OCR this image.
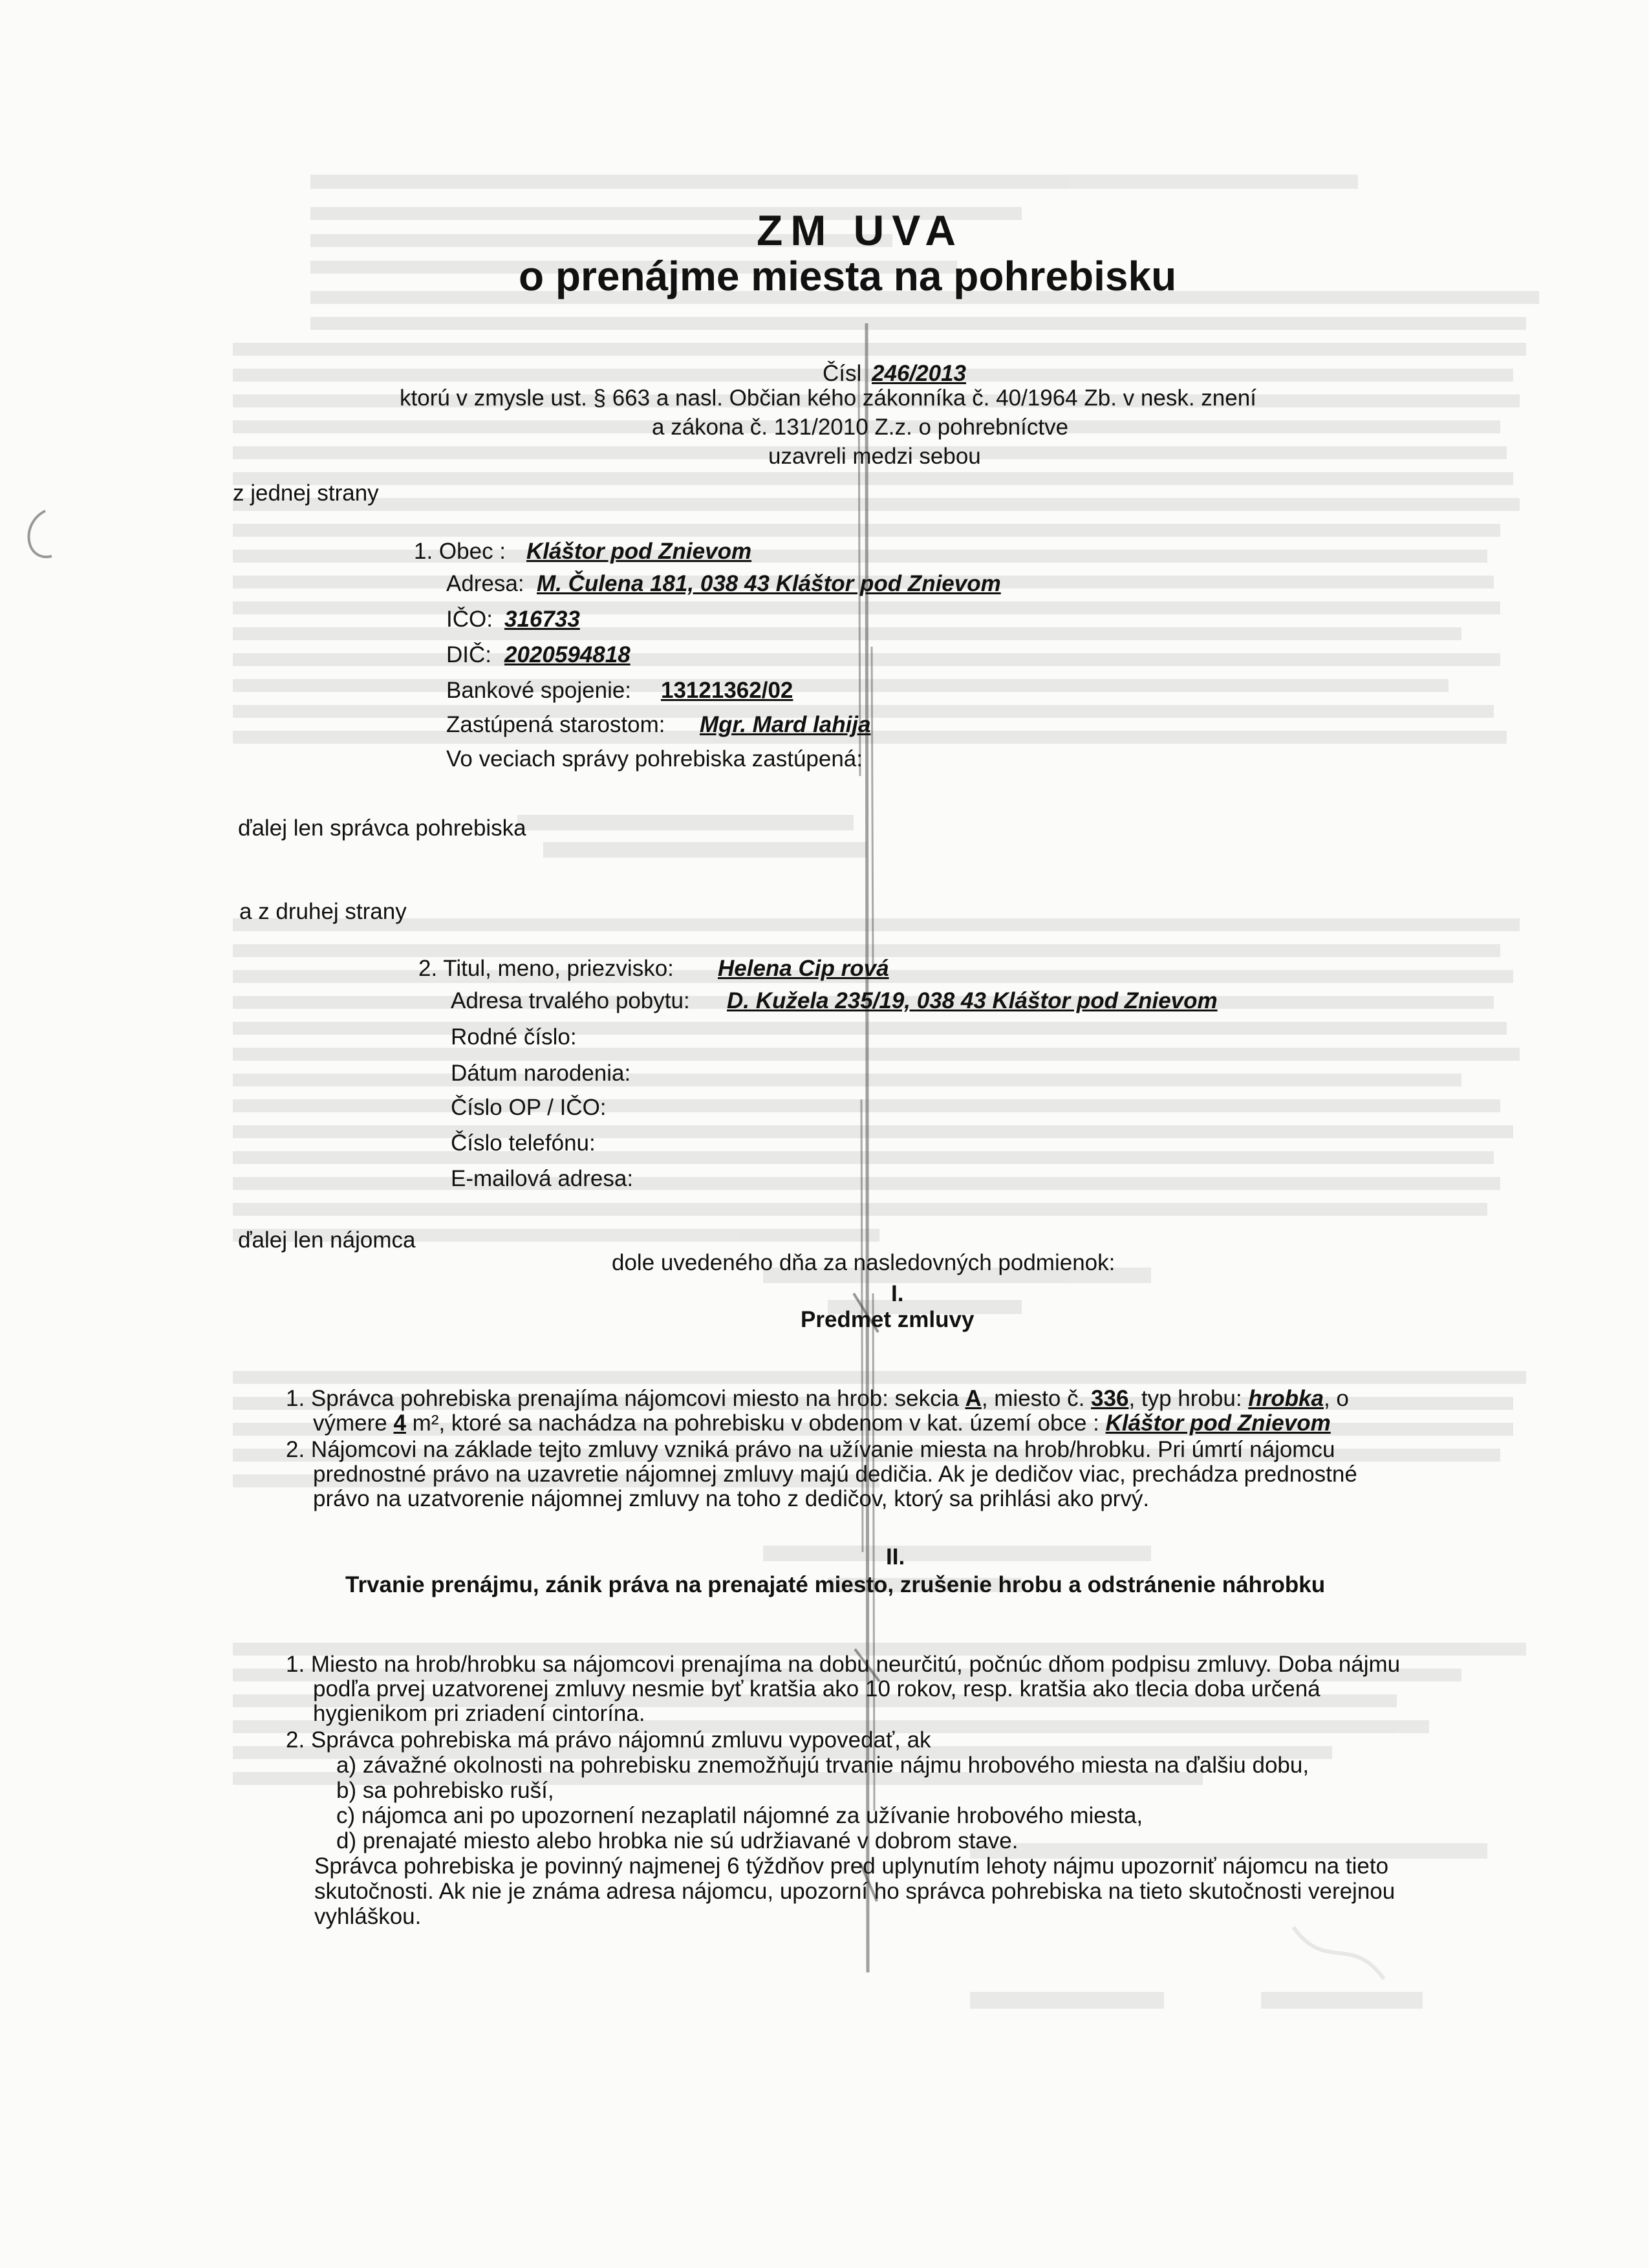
ZM UVA
o prenájme miesta na pohrebisku
Čísl 246/2013
ktorú v zmysle ust. § 663 a nasl. Občian kého zákonníka č. 40/1964 Zb. v nesk. znení
a zákona č. 131/2010 Z.z. o pohrebníctve
uzavreli medzi sebou
z jednej strany
1. Obec : Kláštor pod Znievom
Adresa: M. Čulena 181, 038 43 Kláštor pod Znievom
IČO: 316733
DIČ: 2020594818
Bankové spojenie: 13121362/02
Zastúpená starostom: Mgr. Mard lahija
Vo veciach správy pohrebiska zastúpená:
ďalej len správca pohrebiska
a z druhej strany
2. Titul, meno, priezvisko: Helena Cip rová
Adresa trvalého pobytu: D. Kužela 235/19, 038 43 Kláštor pod Znievom
Rodné číslo:
Dátum narodenia:
Číslo OP / IČO:
Číslo telefónu:
E-mailová adresa:
ďalej len nájomca
dole uvedeného dňa za nasledovných podmienok:
I.
Predmet zmluvy
1. Správca pohrebiska prenajíma nájomcovi miesto na hrob: sekcia A, miesto č. 336, typ hrobu: hrobka, o
výmere 4 m², ktoré sa nachádza na pohrebisku v obdenom v kat. území obce : Kláštor pod Znievom
2. Nájomcovi na základe tejto zmluvy vzniká právo na užívanie miesta na hrob/hrobku. Pri úmrtí nájomcu
prednostné právo na uzavretie nájomnej zmluvy majú dedičia. Ak je dedičov viac, prechádza prednostné
právo na uzatvorenie nájomnej zmluvy na toho z dedičov, ktorý sa prihlási ako prvý.
II.
Trvanie prenájmu, zánik práva na prenajaté miesto, zrušenie hrobu a odstránenie náhrobku
1. Miesto na hrob/hrobku sa nájomcovi prenajíma na dobu neurčitú, počnúc dňom podpisu zmluvy. Doba nájmu
podľa prvej uzatvorenej zmluvy nesmie byť kratšia ako 10 rokov, resp. kratšia ako tlecia doba určená
hygienikom pri zriadení cintorína.
2. Správca pohrebiska má právo nájomnú zmluvu vypovedať, ak
a) závažné okolnosti na pohrebisku znemožňujú trvanie nájmu hrobového miesta na ďalšiu dobu,
b) sa pohrebisko ruší,
c) nájomca ani po upozornení nezaplatil nájomné za užívanie hrobového miesta,
d) prenajaté miesto alebo hrobka nie sú udržiavané v dobrom stave.
Správca pohrebiska je povinný najmenej 6 týždňov pred uplynutím lehoty nájmu upozorniť nájomcu na tieto
skutočnosti. Ak nie je známa adresa nájomcu, upozorní ho správca pohrebiska na tieto skutočnosti verejnou
vyhláškou.
